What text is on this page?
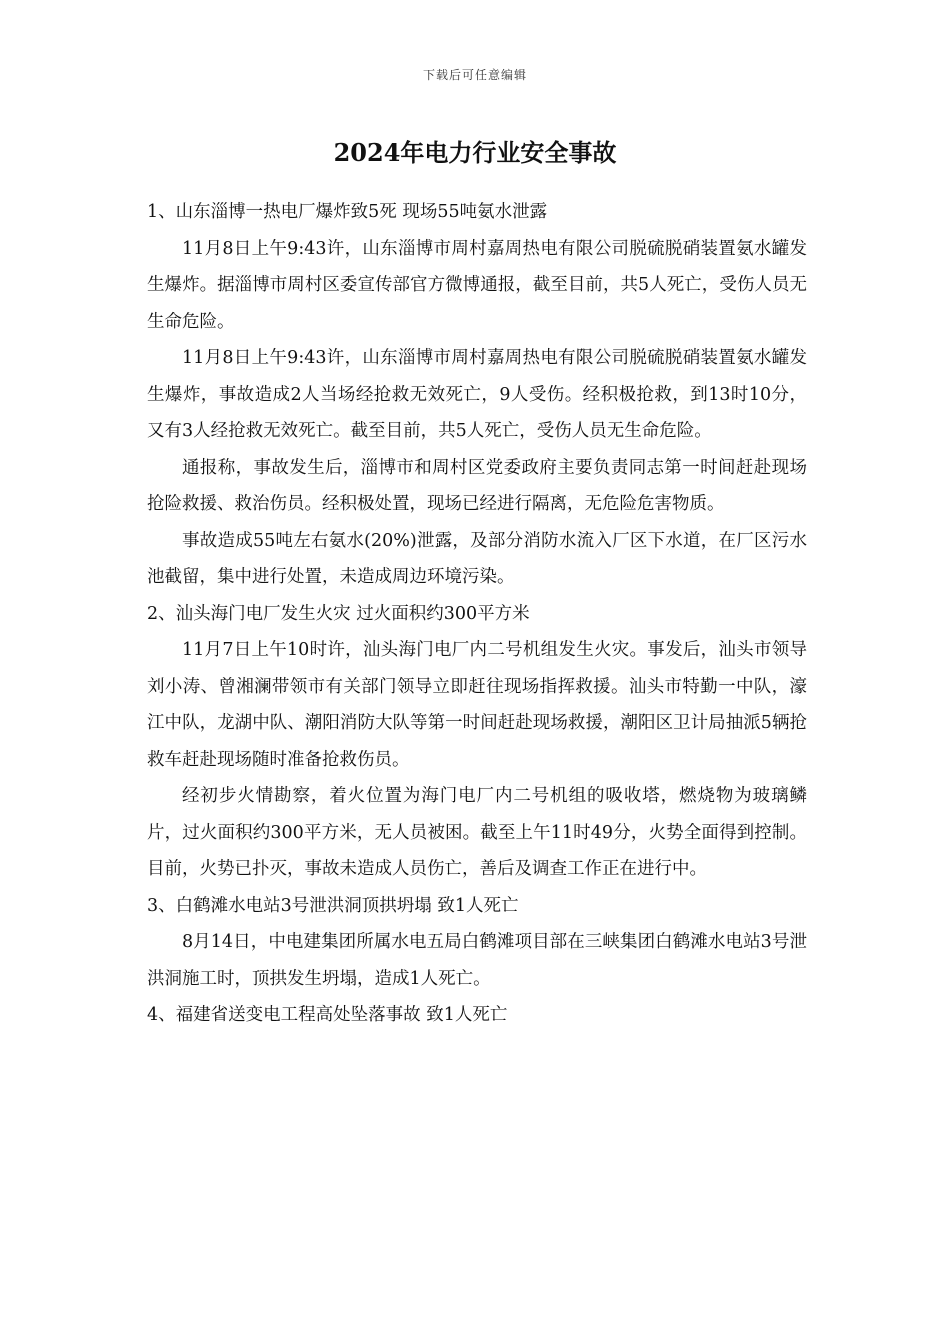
下载后可任意编辑
2024年电力行业安全事故

1、山东淄博一热电厂爆炸致5死 现场55吨氨水泄露

11月8日上午9:43许，山东淄博市周村嘉周热电有限公司脱硫脱硝装置氨水罐发生爆炸。据淄博市周村区委宣传部官方微博通报，截至目前，共5人死亡，受伤人员无生命危险。

11月8日上午9:43许，山东淄博市周村嘉周热电有限公司脱硫脱硝装置氨水罐发生爆炸，事故造成2人当场经抢救无效死亡，9人受伤。经积极抢救，到13时10分，又有3人经抢救无效死亡。截至目前，共5人死亡，受伤人员无生命危险。

通报称，事故发生后，淄博市和周村区党委政府主要负责同志第一时间赶赴现场抢险救援、救治伤员。经积极处置，现场已经进行隔离，无危险危害物质。

事故造成55吨左右氨水(20%)泄露，及部分消防水流入厂区下水道，在厂区污水池截留，集中进行处置，未造成周边环境污染。

2、汕头海门电厂发生火灾 过火面积约300平方米

11月7日上午10时许，汕头海门电厂内二号机组发生火灾。事发后，汕头市领导刘小涛、曾湘澜带领市有关部门领导立即赶往现场指挥救援。汕头市特勤一中队，濠江中队，龙湖中队、潮阳消防大队等第一时间赶赴现场救援，潮阳区卫计局抽派5辆抢救车赶赴现场随时准备抢救伤员。

经初步火情勘察，着火位置为海门电厂内二号机组的吸收塔，燃烧物为玻璃鳞片，过火面积约300平方米，无人员被困。截至上午11时49分，火势全面得到控制。目前，火势已扑灭，事故未造成人员伤亡，善后及调查工作正在进行中。

3、白鹤滩水电站3号泄洪洞顶拱坍塌 致1人死亡

8月14日，中电建集团所属水电五局白鹤滩项目部在三峡集团白鹤滩水电站3号泄洪洞施工时，顶拱发生坍塌，造成1人死亡。

4、福建省送变电工程高处坠落事故 致1人死亡
